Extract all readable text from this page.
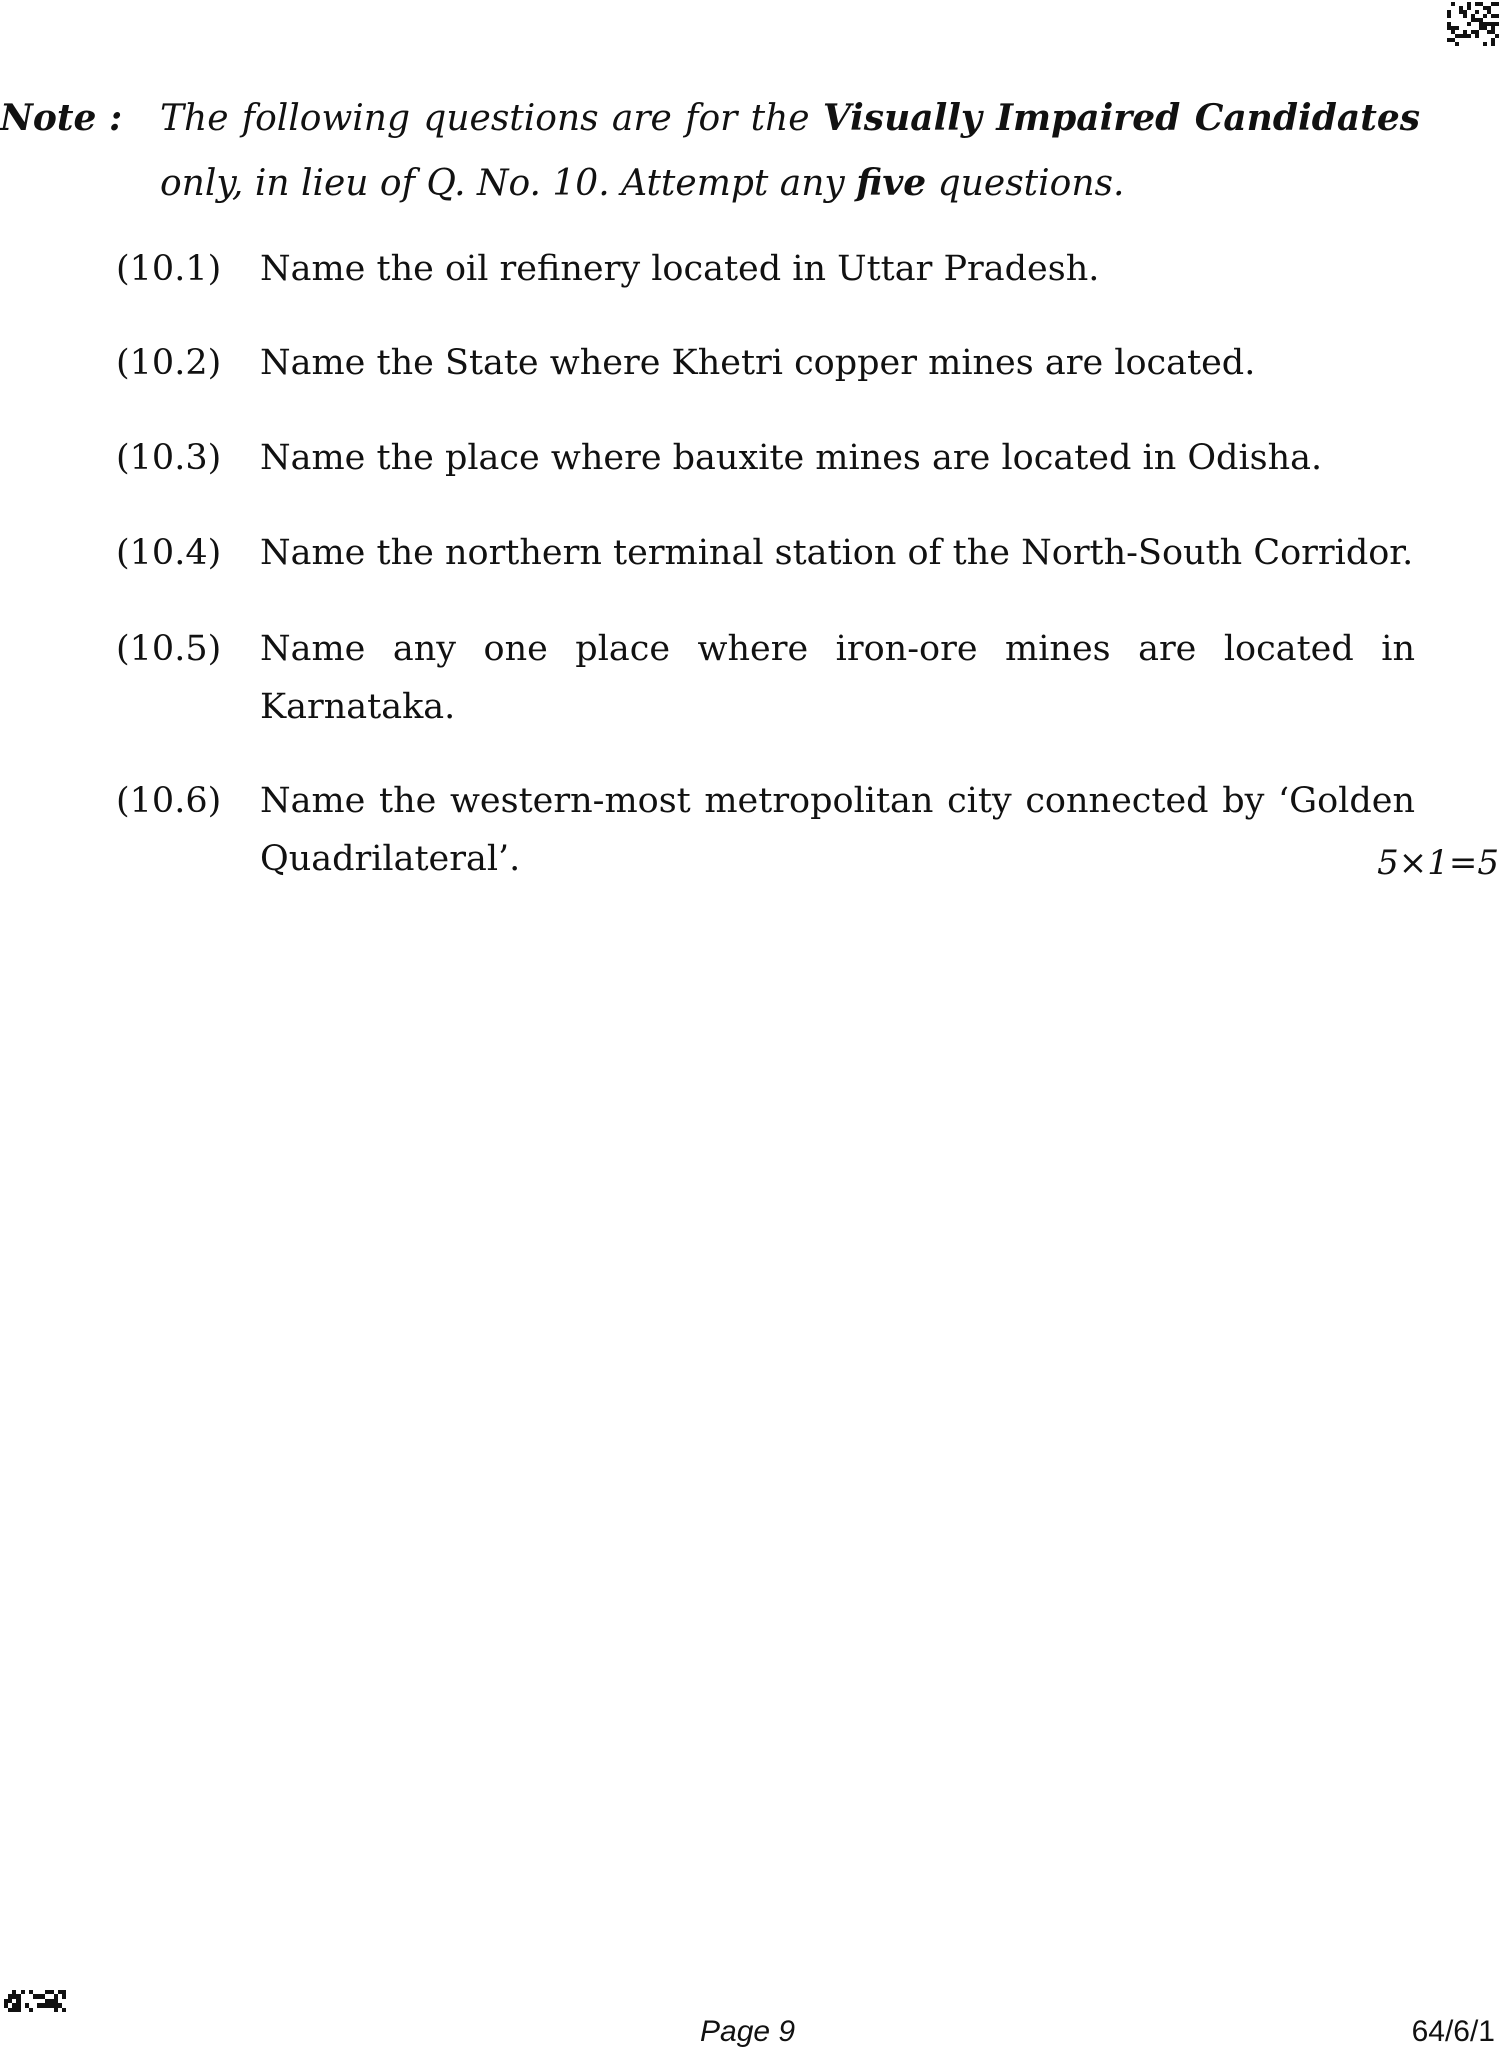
Note : The following questions are for the Visually Impaired Candidates only, in lieu of Q. No. 10. Attempt any five questions.
(10.1) Name the oil refinery located in Uttar Pradesh.
(10.2) Name the State where Khetri copper mines are located.
(10.3) Name the place where bauxite mines are located in Odisha.
(10.4) Name the northern terminal station of the North-South Corridor.
(10.5) Name any one place where iron-ore mines are located in Karnataka.
(10.6) Name the western-most metropolitan city connected by ‘Golden Quadrilateral’.	5×1=5
Page 9	64/6/1
